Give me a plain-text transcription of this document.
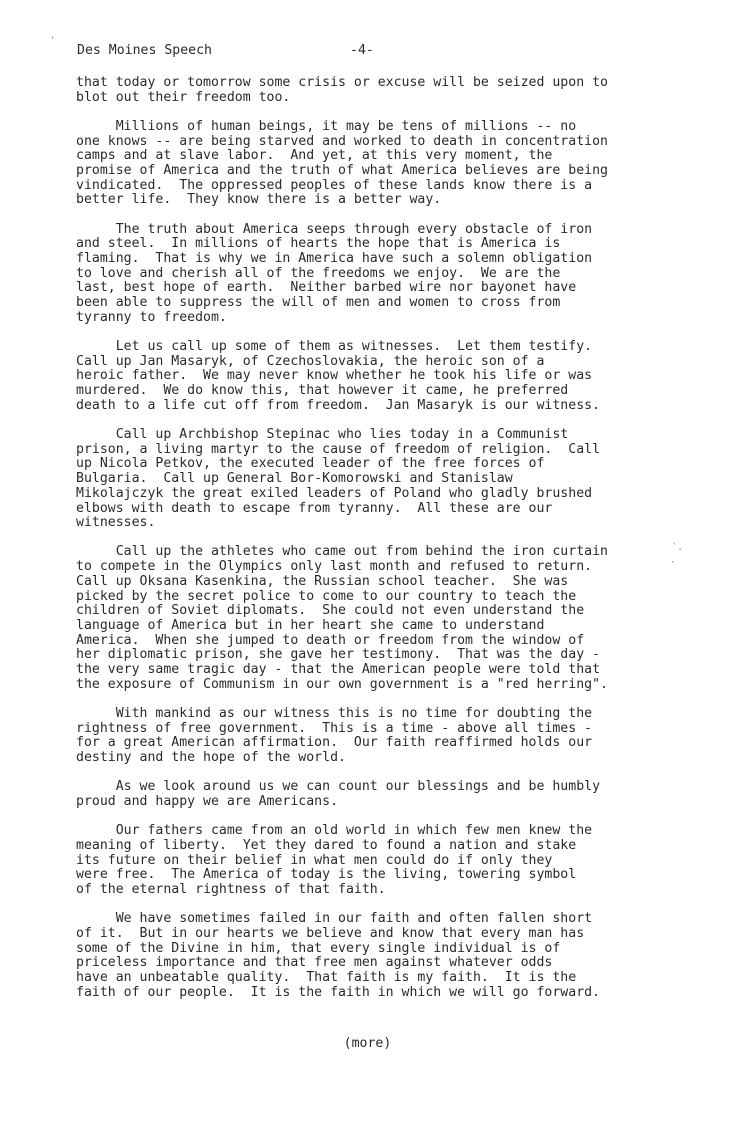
Des Moines Speech	-4-

that today or tomorrow some crisis or excuse will be seized upon to
blot out their freedom too.

Millions of human beings, it may be tens of millions -- no
one knows -- are being starved and worked to death in concentration
camps and at slave labor.  And yet, at this very moment, the
promise of America and the truth of what America believes are being
vindicated.  The oppressed peoples of these lands know there is a
better life.  They know there is a better way.

The truth about America seeps through every obstacle of iron
and steel.  In millions of hearts the hope that is America is
flaming.  That is why we in America have such a solemn obligation
to love and cherish all of the freedoms we enjoy.  We are the
last, best hope of earth.  Neither barbed wire nor bayonet have
been able to suppress the will of men and women to cross from
tyranny to freedom.

Let us call up some of them as witnesses.  Let them testify.
Call up Jan Masaryk, of Czechoslovakia, the heroic son of a
heroic father.  We may never know whether he took his life or was
murdered.  We do know this, that however it came, he preferred
death to a life cut off from freedom.  Jan Masaryk is our witness.

Call up Archbishop Stepinac who lies today in a Communist
prison, a living martyr to the cause of freedom of religion.  Call
up Nicola Petkov, the executed leader of the free forces of
Bulgaria.  Call up General Bor-Komorowski and Stanislaw
Mikolajczyk the great exiled leaders of Poland who gladly brushed
elbows with death to escape from tyranny.  All these are our
witnesses.

Call up the athletes who came out from behind the iron curtain
to compete in the Olympics only last month and refused to return.
Call up Oksana Kasenkina, the Russian school teacher.  She was
picked by the secret police to come to our country to teach the
children of Soviet diplomats.  She could not even understand the
language of America but in her heart she came to understand
America.  When she jumped to death or freedom from the window of
her diplomatic prison, she gave her testimony.  That was the day -
the very same tragic day - that the American people were told that
the exposure of Communism in our own government is a "red herring".

With mankind as our witness this is no time for doubting the
rightness of free government.  This is a time - above all times -
for a great American affirmation.  Our faith reaffirmed holds our
destiny and the hope of the world.

As we look around us we can count our blessings and be humbly
proud and happy we are Americans.

Our fathers came from an old world in which few men knew the
meaning of liberty.  Yet they dared to found a nation and stake
its future on their belief in what men could do if only they
were free.  The America of today is the living, towering symbol
of the eternal rightness of that faith.

We have sometimes failed in our faith and often fallen short
of it.  But in our hearts we believe and know that every man has
some of the Divine in him, that every single individual is of
priceless importance and that free men against whatever odds
have an unbeatable quality.  That faith is my faith.  It is the
faith of our people.  It is the faith in which we will go forward.

(more)
'
`.
·
